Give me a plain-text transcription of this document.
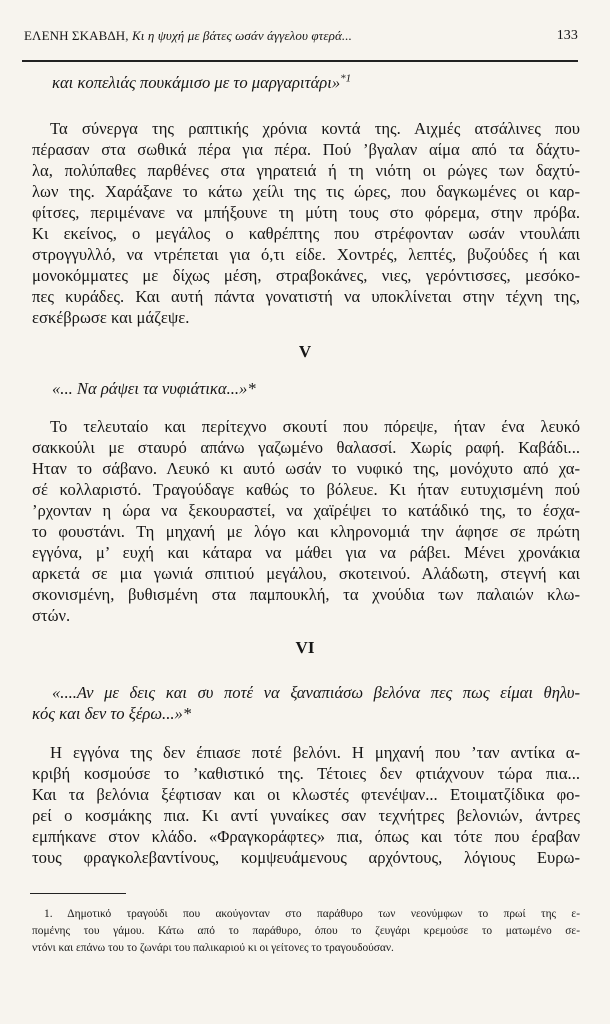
ΕΛΕΝΗ ΣΚΑΒΔΗ, Κι η ψυχή με βάτες ωσάν άγγελου φτερά...	133
και κοπελιάς πουκάμισο με το μαργαριτάρι»$^{*1}$
Τα σύνεργα της ραπτικής χρόνια κοντά της. Αιχμές ατσάλινες που
πέρασαν στα σωθικά πέρα για πέρα. Πού ’βγαλαν αίμα από τα δάχτυ-
λα, πολύπαθες παρθένες στα γηρατειά ή τη νιότη οι ρώγες των δαχτύ-
λων της. Χαράξανε το κάτω χείλι της τις ώρες, που δαγκωμένες οι καρ-
φίτσες, περιμένανε να μπήξουνε τη μύτη τους στο φόρεμα, στην πρόβα.
Κι εκείνος, ο μεγάλος ο καθρέπτης που στρέφονταν ωσάν ντουλάπι
στρογγυλλό, να ντρέπεται για ό,τι είδε. Χοντρές, λεπτές, βυζούδες ή και
μονοκόμματες με δίχως μέση, στραβοκάνες, νιες, γερόντισσες, μεσόκο-
πες κυράδες. Και αυτή πάντα γονατιστή να υποκλίνεται στην τέχνη της,
εσκέβρωσε και μάζεψε.
V
«... Να ράψει τα νυφιάτικα...»*
Το τελευταίο και περίτεχνο σκουτί που πόρεψε, ήταν ένα λευκό
σακκούλι με σταυρό απάνω γαζωμένο θαλασσί. Χωρίς ραφή. Καβάδι...
Ηταν το σάβανο. Λευκό κι αυτό ωσάν το νυφικό της, μονόχυτο από χα-
σέ κολλαριστό. Τραγούδαγε καθώς το βόλευε. Κι ήταν ευτυχισμένη πού
’ρχονταν η ώρα να ξεκουραστεί, να χαϊρέψει το κατάδικό της, το έσχα-
το φουστάνι. Τη μηχανή με λόγο και κληρονομιά την άφησε σε πρώτη
εγγόνα, μ’ ευχή και κάταρα να μάθει για να ράβει. Μένει χρονάκια
αρκετά σε μια γωνιά σπιτιού μεγάλου, σκοτεινού. Αλάδωτη, στεγνή και
σκονισμένη, βυθισμένη στα παμπουκλή, τα χνούδια των παλαιών κλω-
στών.
VI
«....Αν με δεις και συ ποτέ να ξαναπιάσω βελόνα πες πως είμαι θηλυ-
κός και δεν το ξέρω...»*
Η εγγόνα της δεν έπιασε ποτέ βελόνι. Η μηχανή που ’ταν αντίκα α-
κριβή κοσμούσε το ’καθιστικό της. Τέτοιες δεν φτιάχνουν τώρα πια...
Και τα βελόνια ξέφτισαν και οι κλωστές φτενέψαν... Ετοιματζίδικα φο-
ρεί ο κοσμάκης πια. Κι αντί γυναίκες σαν τεχνήτρες βελονιών, άντρες
εμπήκανε στον κλάδο. «Φραγκοράφτες» πια, όπως και τότε που έραβαν
τους φραγκολεβαντίνους, κομψευάμενους αρχόντους, λόγιους Ευρω-
1. Δημοτικό τραγούδι που ακούγονταν στο παράθυρο των νεονύμφων το πρωί της ε-
πομένης του γάμου. Κάτω από το παράθυρο, όπου το ζευγάρι κρεμούσε το ματωμένο σε-
ντόνι και επάνω του το ζωνάρι του παλικαριού κι οι γείτονες το τραγουδούσαν.
